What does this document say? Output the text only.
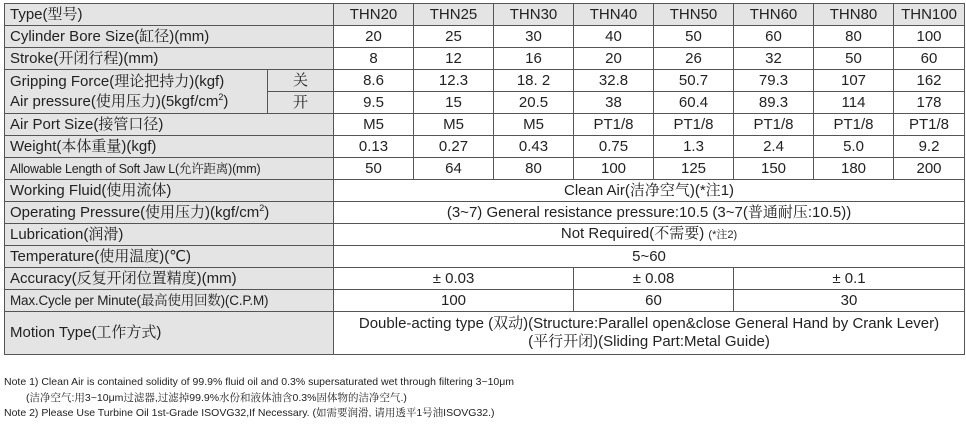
Type(型号)		THN20	THN25	THN30	THN40	THN50	THN60	THN80	THN100
Cylinder Bore Size(缸径)(mm)		20	25	30	40	50	60	80	100
Stroke(开闭行程)(mm)		8	12	16	20	26	32	50	60

Gripping Force(理论把持力)(kgf)
Air pressure(使用压力)$(5kgf/cm^2)$	关	8.6	12.3	18. 2	32.8	50.7	79.3	107	162
	开	9.5	15	20.5	38	60.4	89.3	114	178
Air Port Size(接管口径)		M5	M5	M5	PT1/8	PT1/8	PT1/8	PT1/8	PT1/8
Weight(本体重量)(kgf)		0.13	0.27	0.43	0.75	1.3	2.4	5.0	9.2
Allowable Length of Soft Jaw L(允许距离)(mm)		50	64	80	100	125	150	180	200
Working Fluid(使用流体)		Clean Air(洁净空气)(*注1)							
Operating Pressure(使用压力)$(kgf/cm^2)$		(3~7) General resistance pressure:10.5 (3~7(普通耐压:10.5))							
Lubrication(润滑)		Not Required(不需要) (*注2)							
Temperature(使用温度)(℃)		5~60							
Accuracy(反复开闭位置精度)(mm)		± 0.03			± 0.08		± 0.1		
Max.Cycle per Minute(最高使用回数)(C.P.M)		100			60		30		
Motion Type(工作方式)		Double-acting type (双动)(Structure:Parallel open&close General Hand by Crank Lever)(平行开闭)(Sliding Part:Metal Guide)							
Note 1) Clean Air is contained solidity of 99.9% fluid oil and 0.3% supersaturated wet through filtering 3~10μm
(洁净空气:用3~10μm过滤器,过滤掉99.9%水份和液体油含0.3%固体物的洁净空气.)
Note 2) Please Use Turbine Oil 1st-Grade ISOVG32,If Necessary. (如需要润滑, 请用透平1号油ISOVG32.)
